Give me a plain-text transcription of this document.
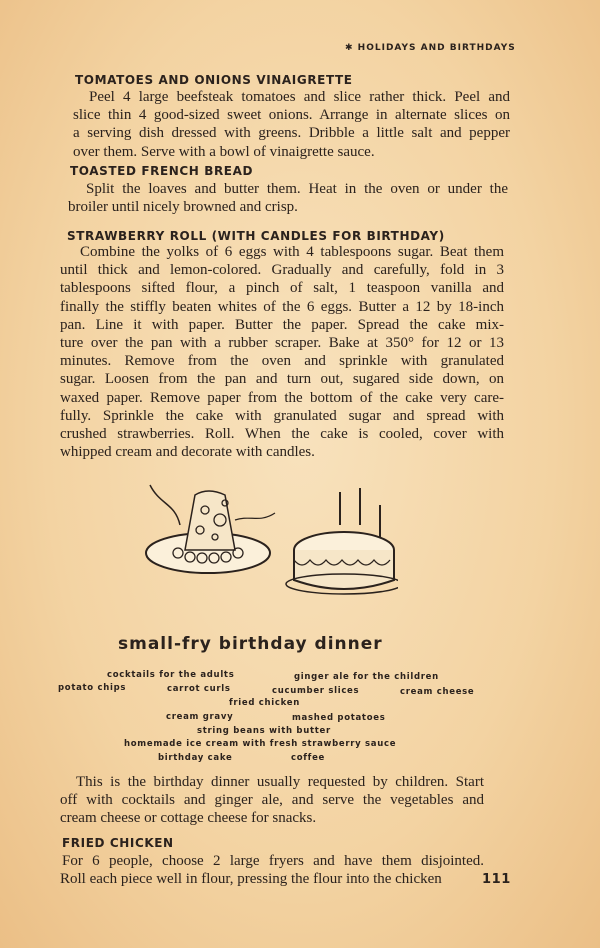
✱ HOLIDAYS AND BIRTHDAYS
TOMATOES AND ONIONS VINAIGRETTE
Peel 4 large beefsteak tomatoes and slice rather thick. Peel and
slice thin 4 good-sized sweet onions. Arrange in alternate slices on
a serving dish dressed with greens. Dribble a little salt and pepper
over them. Serve with a bowl of vinaigrette sauce.
TOASTED FRENCH BREAD
Split the loaves and butter them. Heat in the oven or under the
broiler until nicely browned and crisp.
STRAWBERRY ROLL (WITH CANDLES FOR BIRTHDAY)
Combine the yolks of 6 eggs with 4 tablespoons sugar. Beat them
until thick and lemon-colored. Gradually and carefully, fold in 3
tablespoons sifted flour, a pinch of salt, 1 teaspoon vanilla and
finally the stiffly beaten whites of the 6 eggs. Butter a 12 by 18-inch
pan. Line it with paper. Butter the paper. Spread the cake mix-
ture over the pan with a rubber scraper. Bake at 350° for 12 or 13
minutes. Remove from the oven and sprinkle with granulated
sugar. Loosen from the pan and turn out, sugared side down, on
waxed paper. Remove paper from the bottom of the cake very care-
fully. Sprinkle the cake with granulated sugar and spread with
crushed strawberries. Roll. When the cake is cooled, cover with
whipped cream and decorate with candles.
small-fry birthday dinner
cocktails for the adults	ginger ale for the children
potato chips	carrot curls	cucumber slices	cream cheese
fried chicken
cream gravy	mashed potatoes
string beans with butter
homemade ice cream with fresh strawberry sauce
birthday cake	coffee
This is the birthday dinner usually requested by children. Start
off with cocktails and ginger ale, and serve the vegetables and
cream cheese or cottage cheese for snacks.
FRIED CHICKEN
For 6 people, choose 2 large fryers and have them disjointed.
Roll each piece well in flour, pressing the flour into the chicken	111
